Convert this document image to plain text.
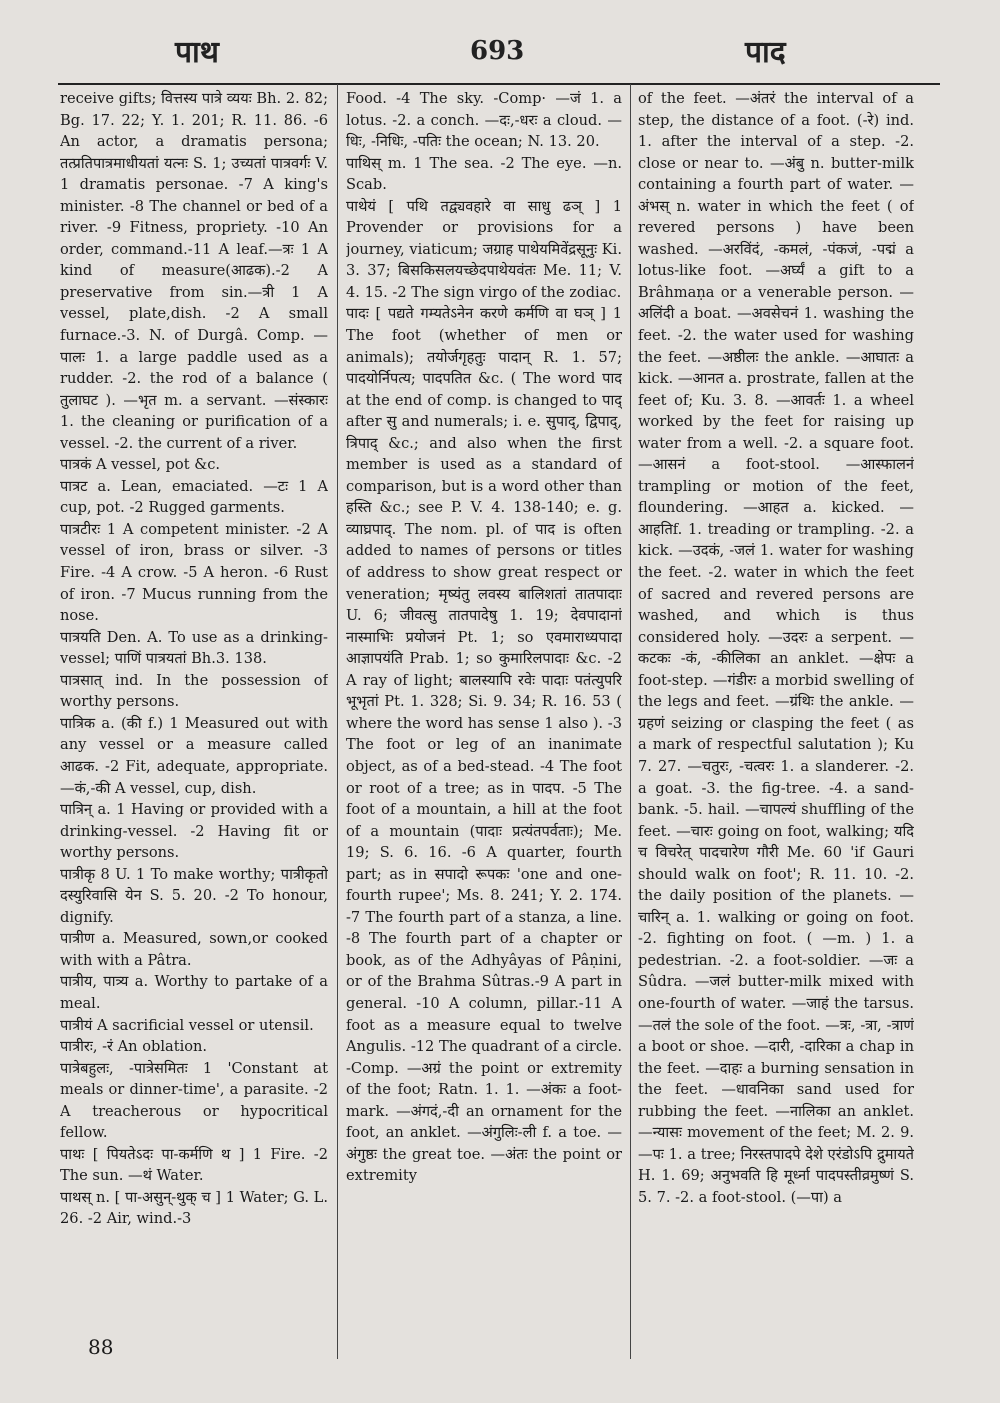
पाथ	693	पाद

receive gifts; वित्तस्य पात्रे व्ययः Bh. 2. 82; Bg. 17. 22; Y. 1. 201; R. 11. 86. -6 An actor, a dramatis persona; तत्प्रतिपात्रमाधीयतां यत्नः S. 1; उच्यतां पात्रवर्गः V. 1 dramatis personae. -7 A king's minister. -8 The channel or bed of a river. -9 Fitness, propriety. -10 An order, command.-11 A leaf.—त्रः 1 A kind of measure(आढक).-2 A preservative from sin.—त्री 1 A vessel, plate,dish. -2 A small furnace.-3. N. of Durgâ. Comp. —पालः 1. a large paddle used as a rudder. -2. the rod of a balance ( तुलाघट ). —भृत m. a servant. —संस्कारः 1. the cleaning or purification of a vessel. -2. the current of a river.

पात्रकं A vessel, pot &c.

पात्रट a. Lean, emaciated. —टः 1 A cup, pot. -2 Rugged garments.

पात्रटीरः 1 A competent minister. -2 A vessel of iron, brass or silver. -3 Fire. -4 A crow. -5 A heron. -6 Rust of iron. -7 Mucus running from the nose.

पात्रयति Den. A. To use as a drinking-vessel; पाणिं पात्रयतां Bh.3. 138.

पात्रसात् ind. In the possession of worthy persons.

पात्रिक a. (की f.) 1 Measured out with any vessel or a measure called आढक. -2 Fit, adequate, appropriate. —कं,-की A vessel, cup, dish.

पात्रिन् a. 1 Having or provided with a drinking-vessel. -2 Having fit or worthy persons.

पात्रीकृ 8 U. 1 To make worthy; पात्रीकृतो दस्युरिवासि येन S. 5. 20. -2 To honour, dignify.

पात्रीण a. Measured, sown,or cooked with with a Pâtra.

पात्रीय, पात्र्य a. Worthy to partake of a meal.

पात्रीयं A sacrificial vessel or utensil.

पात्रीरः, -रं An oblation.

पात्रेबहुलः, -पात्रेसमितः 1 'Constant at meals or dinner-time', a parasite. -2 A treacherous or hypocritical fellow.

पाथः [ पियतेऽदः पा-कर्मणि थ ] 1 Fire. -2 The sun. —थं Water.

पाथस् n. [ पा-असुन्-थुक् च ] 1 Water; G. L. 26. -2 Air, wind.-3

Food. -4 The sky. -Comp· —जं 1. a lotus. -2. a conch. —दः,-धरः a cloud. —धिः, -निधिः, -पतिः the ocean; N. 13. 20.

पाथिस् m. 1 The sea. -2 The eye. —n. Scab.

पाथेयं [ पथि तद्व्यवहारे वा साधु ढञ् ] 1 Provender or provisions for a journey, viaticum; जग्राह पाथेयमिवेंद्रसूनुः Ki. 3. 37; बिसकिसलयच्छेदपाथेयवंतः Me. 11; V. 4. 15. -2 The sign virgo of the zodiac.

पादः [ पद्यते गम्यतेऽनेन करणे कर्मणि वा घञ् ] 1 The foot (whether of men or animals); तयोर्जगृहतुः पादान् R. 1. 57; पादयोर्निपत्य; पादपतित &c. ( The word पाद at the end of comp. is changed to पाद् after सु and numerals; i. e. सुपाद्, द्विपाद्, त्रिपाद् &c.; and also when the first member is used as a standard of comparison, but is a word other than हस्ति &c.; see P. V. 4. 138-140; e. g. व्याघ्रपाद्. The nom. pl. of पाद is often added to names of persons or titles of address to show great respect or veneration; मृष्यंतु लवस्य बालिशतां तातपादाः U. 6; जीवत्सु तातपादेषु 1. 19; देवपादानां नास्माभिः प्रयोजनं Pt. 1; so एवमाराध्यपादा आज्ञापयंति Prab. 1; so कुमारिलपादाः &c. -2 A ray of light; बालस्यापि रवेः पादाः पतंत्युपरि भूभृतां Pt. 1. 328; Si. 9. 34; R. 16. 53 ( where the word has sense 1 also ). -3 The foot or leg of an inanimate object, as of a bed-stead. -4 The foot or root of a tree; as in पादप. -5 The foot of a mountain, a hill at the foot of a mountain (पादाः प्रत्यंतपर्वताः); Me. 19; S. 6. 16. -6 A quarter, fourth part; as in सपादो रूपकः 'one and one-fourth rupee'; Ms. 8. 241; Y. 2. 174. -7 The fourth part of a stanza, a line. -8 The fourth part of a chapter or book, as of the Adhyâyas of Pâṇini, or of the Brahma Sûtras.-9 A part in general. -10 A column, pillar.-11 A foot as a measure equal to twelve Angulis. -12 The quadrant of a circle. -Comp. —अग्रं the point or extremity of the foot; Ratn. 1. 1. —अंकः a foot-mark. —अंगदं,-दी an ornament for the foot, an anklet. —अंगुलिः-ली f. a toe. —अंगुष्ठः the great toe. —अंतः the point or extremity

of the feet. —अंतरं the interval of a step, the distance of a foot. (-रे) ind. 1. after the interval of a step. -2. close or near to. —अंबु n. butter-milk containing a fourth part of water. —अंभस् n. water in which the feet ( of revered persons ) have been washed. —अरविंदं, -कमलं, -पंकजं, -पद्मं a lotus-like foot. —अर्घ्यं a gift to a Brâhmaṇa or a venerable person. —अलिंदी a boat. —अवसेचनं 1. washing the feet. -2. the water used for washing the feet. —अष्ठीलः the ankle. —आघातः a kick. —आनत a. prostrate, fallen at the feet of; Ku. 3. 8. —आवर्तः 1. a wheel worked by the feet for raising up water from a well. -2. a square foot. —आसनं a foot-stool. —आस्फालनं trampling or motion of the feet, floundering. —आहत a. kicked. —आहतिf. 1. treading or trampling. -2. a kick. —उदकं, -जलं 1. water for washing the feet. -2. water in which the feet of sacred and revered persons are washed, and which is thus considered holy. —उदरः a serpent. —कटकः -कं, -कीलिका an anklet. —क्षेपः a foot-step. —गंडीरः a morbid swelling of the legs and feet. —ग्रंथिः the ankle. —ग्रहणं seizing or clasping the feet ( as a mark of respectful salutation ); Ku 7. 27. —चतुरः, -चत्वरः 1. a slanderer. -2. a goat. -3. the fig-tree. -4. a sand-bank. -5. hail. —चापल्यं shuffling of the feet. —चारः going on foot, walking; यदि च विचरेत् पादचारेण गौरी Me. 60 'if Gauri should walk on foot'; R. 11. 10. -2. the daily position of the planets. —चारिन् a. 1. walking or going on foot. -2. fighting on foot. ( —m. ) 1. a pedestrian. -2. a foot-soldier. —जः a Sûdra. —जलं butter-milk mixed with one-fourth of water. —जाहं the tarsus. —तलं the sole of the foot. —त्रः, -त्रा, -त्राणं a boot or shoe. —दारी, -दारिका a chap in the feet. —दाहः a burning sensation in the feet. —धावनिका sand used for rubbing the feet. —नालिका an anklet. —न्यासः movement of the feet; M. 2. 9. —पः 1. a tree; निरस्तपादपे देशे एरंडोऽपि द्रुमायते H. 1. 69; अनुभवति हि मूर्ध्ना पादपस्तीव्रमुष्णं S. 5. 7. -2. a foot-stool. (—पा) a

88
